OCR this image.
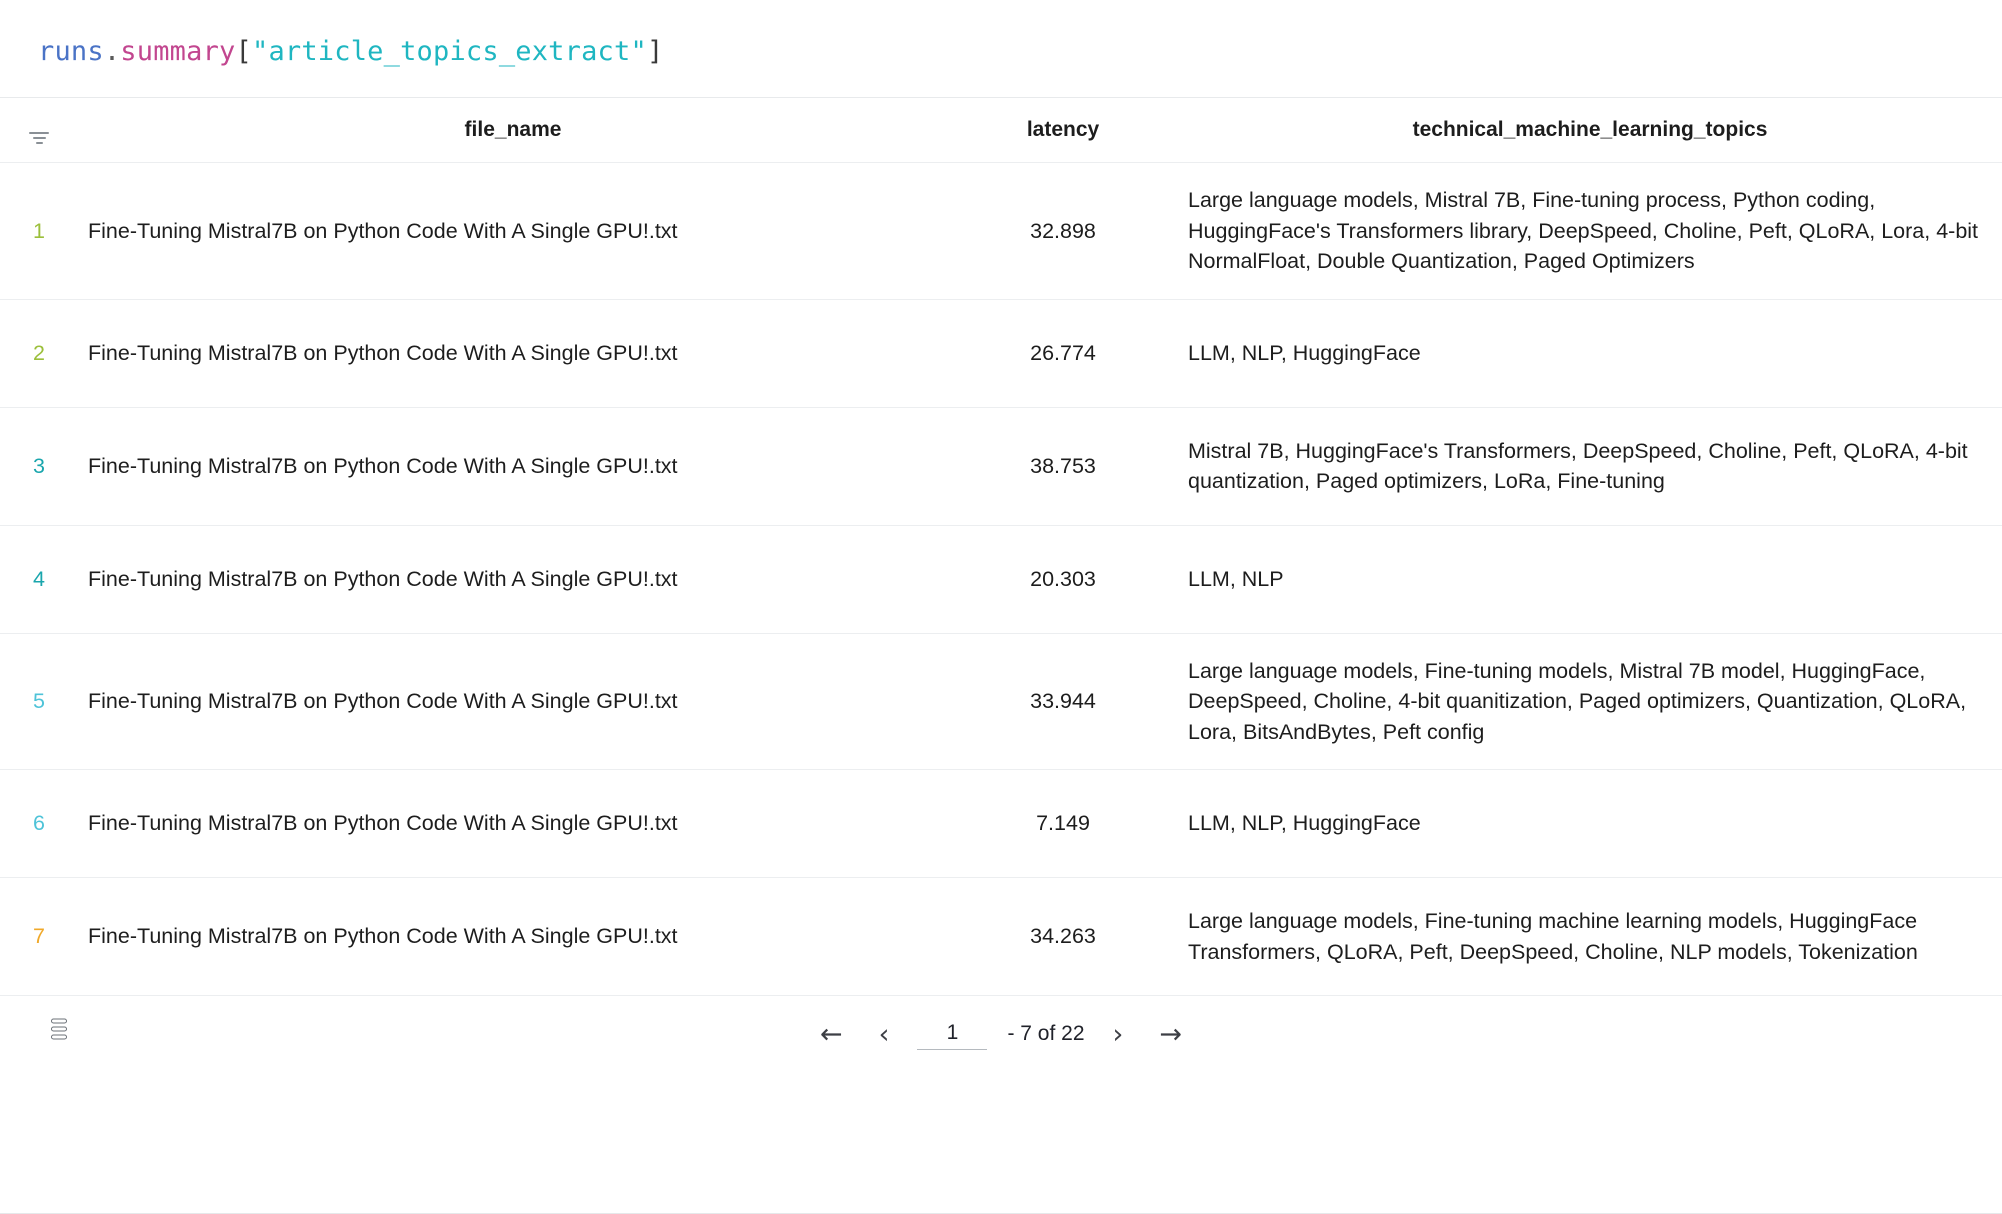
runs.summary["article_topics_extract"]
	file_name	latency	technical_machine_learning_topics
1	Fine-Tuning Mistral7B on Python Code With A Single GPU!.txt	32.898	Large language models, Mistral 7B, Fine-tuning process, Python coding, HuggingFace's Transformers library, DeepSpeed, Choline, Peft, QLoRA, Lora, 4-bit NormalFloat, Double Quantization, Paged Optimizers
2	Fine-Tuning Mistral7B on Python Code With A Single GPU!.txt	26.774	LLM, NLP, HuggingFace
3	Fine-Tuning Mistral7B on Python Code With A Single GPU!.txt	38.753	Mistral 7B, HuggingFace's Transformers, DeepSpeed, Choline, Peft, QLoRA, 4-bit quantization, Paged optimizers, LoRa, Fine-tuning
4	Fine-Tuning Mistral7B on Python Code With A Single GPU!.txt	20.303	LLM, NLP
5	Fine-Tuning Mistral7B on Python Code With A Single GPU!.txt	33.944	Large language models, Fine-tuning models, Mistral 7B model, HuggingFace, DeepSpeed, Choline, 4-bit quanitization, Paged optimizers, Quantization, QLoRA, Lora, BitsAndBytes, Peft config
6	Fine-Tuning Mistral7B on Python Code With A Single GPU!.txt	7.149	LLM, NLP, HuggingFace
7	Fine-Tuning Mistral7B on Python Code With A Single GPU!.txt	34.263	Large language models, Fine-tuning machine learning models, HuggingFace Transformers, QLoRA, Peft, DeepSpeed, Choline, NLP models, Tokenization
← ‹
1	- 7 of 22 › →
